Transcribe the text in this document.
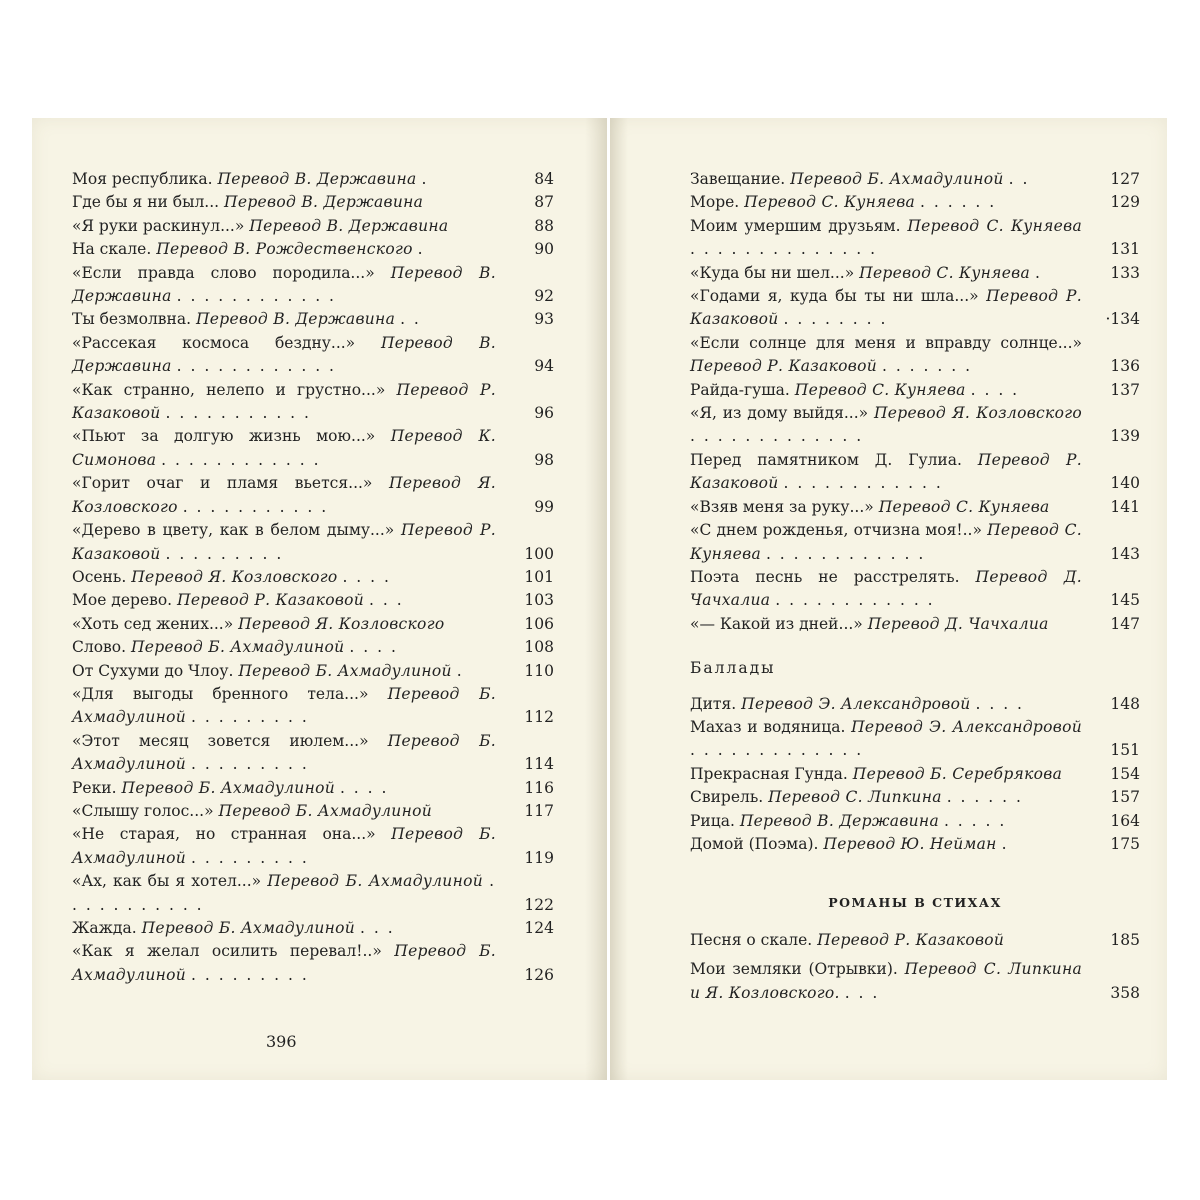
Моя республика. Перевод В. Державина .	84
Где бы я ни был... Перевод В. Державина	87
«Я руки раскинул...» Перевод В. Державина	88
На скале. Перевод В. Рождественского .	90
«Если правда слово породила...» Перевод В. Державина . . . . . . . . . . . .	92
Ты безмолвна. Перевод В. Державина . .	93
«Рассекая космоса бездну...» Перевод В. Державина . . . . . . . . . . . .	94
«Как странно, нелепо и грустно...» Перевод Р. Казаковой . . . . . . . . . . .	96
«Пьют за долгую жизнь мою...» Перевод К. Симонова . . . . . . . . . . . .	98
«Горит очаг и пламя вьется...» Перевод Я. Козловского . . . . . . . . . . .	99
«Дерево в цвету, как в белом дыму...» Перевод Р. Казаковой . . . . . . . . .	100
Осень. Перевод Я. Козловского . . . .	101
Мое дерево. Перевод Р. Казаковой . . .	103
«Хоть сед жених...» Перевод Я. Козловского	106
Слово. Перевод Б. Ахмадулиной . . . .	108
От Сухуми до Члоу. Перевод Б. Ахмадулиной .	110
«Для выгоды бренного тела...» Перевод Б. Ахмадулиной . . . . . . . . .	112
«Этот месяц зовется июлем...» Перевод Б. Ахмадулиной . . . . . . . . .	114
Реки. Перевод Б. Ахмадулиной . . . .	116
«Слышу голос...» Перевод Б. Ахмадулиной	117
«Не старая, но странная она...» Перевод Б. Ахмадулиной . . . . . . . . .	119
«Ах, как бы я хотел...» Перевод Б. Ахмадулиной . . . . . . . . . . .	122
Жажда. Перевод Б. Ахмадулиной . . .	124
«Как я желал осилить перевал!..» Перевод Б. Ахмадулиной . . . . . . . . .	126
396
Завещание. Перевод Б. Ахмадулиной . .	127
Море. Перевод С. Куняева . . . . . .	129
Моим умершим друзьям. Перевод С. Куняева . . . . . . . . . . . . . .	131
«Куда бы ни шел...» Перевод С. Куняева .	133
«Годами я, куда бы ты ни шла...» Перевод Р. Казаковой . . . . . . . .	·134
«Если солнце для меня и вправду солнце...» Перевод Р. Казаковой . . . . . . .	136
Райда-гуша. Перевод С. Куняева . . . .	137
«Я, из дому выйдя...» Перевод Я. Козловского . . . . . . . . . . . . .	139
Перед памятником Д. Гулиа. Перевод Р. Казаковой . . . . . . . . . . . .	140
«Взяв меня за руку...» Перевод С. Куняева	141
«С днем рожденья, отчизна моя!..» Перевод С. Куняева . . . . . . . . . . . .	143
Поэта песнь не расстрелять. Перевод Д. Чачхалиа . . . . . . . . . . . .	145
«— Какой из дней...» Перевод Д. Чачхалиа	147
Баллады
Дитя. Перевод Э. Александровой . . . .	148
Махаз и водяница. Перевод Э. Александровой . . . . . . . . . . . . .	151
Прекрасная Гунда. Перевод Б. Серебрякова	154
Свирель. Перевод С. Липкина . . . . . .	157
Рица. Перевод В. Державина . . . . .	164
Домой (Поэма). Перевод Ю. Нейман .	175
РОМАНЫ В СТИХАХ
Песня о скале. Перевод Р. Казаковой	185
Мои земляки (Отрывки). Перевод С. Липкина и Я. Козловского. . . .	358
